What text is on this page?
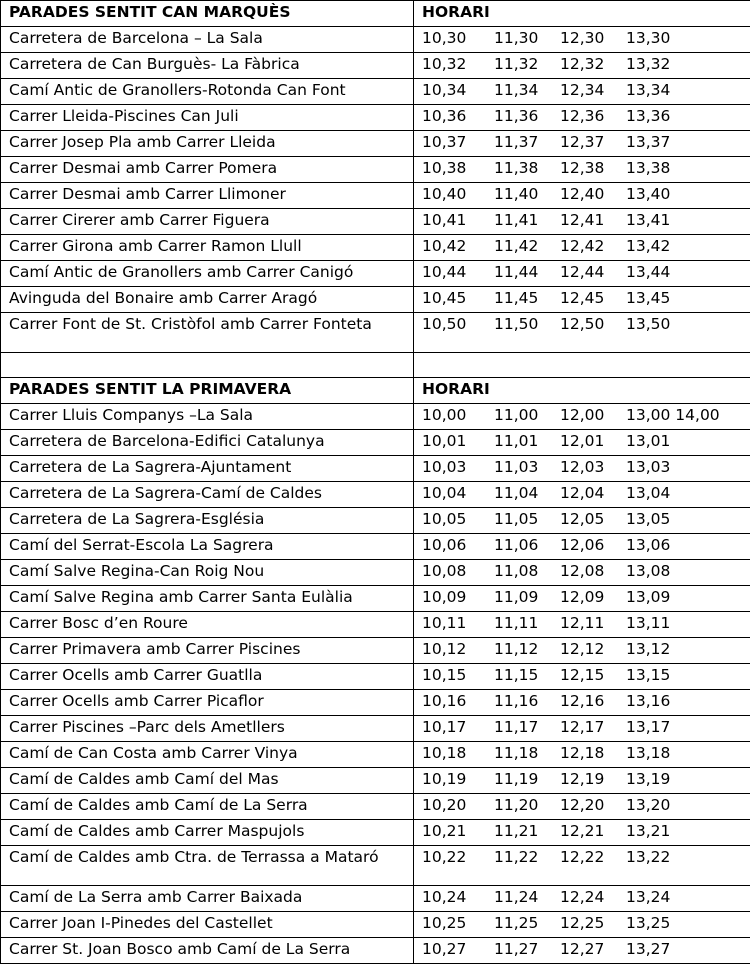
PARADES SENTIT CAN MARQUÈS	HORARI
Carretera de Barcelona – La Sala	10,30 11,30 12,30 13,30
Carretera de Can Burguès- La Fàbrica	10,32 11,32 12,32 13,32
Camí Antic de Granollers-Rotonda Can Font	10,34 11,34 12,34 13,34
Carrer Lleida-Piscines Can Juli	10,36 11,36 12,36 13,36
Carrer Josep Pla amb Carrer Lleida	10,37 11,37 12,37 13,37
Carrer Desmai amb Carrer Pomera	10,38 11,38 12,38 13,38
Carrer Desmai amb Carrer Llimoner	10,40 11,40 12,40 13,40
Carrer Cirerer amb Carrer Figuera	10,41 11,41 12,41 13,41
Carrer Girona amb Carrer Ramon Llull	10,42 11,42 12,42 13,42
Camí Antic de Granollers amb Carrer Canigó	10,44 11,44 12,44 13,44
Avinguda del Bonaire amb Carrer Aragó	10,45 11,45 12,45 13,45
Carrer Font de St. Cristòfol amb Carrer Fonteta	10,50 11,50 12,50 13,50

PARADES SENTIT LA PRIMAVERA	HORARI
Carrer Lluis Companys –La Sala	10,00 11,00 12,00 13,00 14,00
Carretera de Barcelona-Edifici Catalunya	10,01 11,01 12,01 13,01
Carretera de La Sagrera-Ajuntament	10,03 11,03 12,03 13,03
Carretera de La Sagrera-Camí de Caldes	10,04 11,04 12,04 13,04
Carretera de La Sagrera-Església	10,05 11,05 12,05 13,05
Camí del Serrat-Escola La Sagrera	10,06 11,06 12,06 13,06
Camí Salve Regina-Can Roig Nou	10,08 11,08 12,08 13,08
Camí Salve Regina amb Carrer Santa Eulàlia	10,09 11,09 12,09 13,09
Carrer Bosc d’en Roure	10,11 11,11 12,11 13,11
Carrer Primavera amb Carrer Piscines	10,12 11,12 12,12 13,12
Carrer Ocells amb Carrer Guatlla	10,15 11,15 12,15 13,15
Carrer Ocells amb Carrer Picaflor	10,16 11,16 12,16 13,16
Carrer Piscines –Parc dels Ametllers	10,17 11,17 12,17 13,17
Camí de Can Costa amb Carrer Vinya	10,18 11,18 12,18 13,18
Camí de Caldes amb Camí del Mas	10,19 11,19 12,19 13,19
Camí de Caldes amb Camí de La Serra	10,20 11,20 12,20 13,20
Camí de Caldes amb Carrer Maspujols	10,21 11,21 12,21 13,21
Camí de Caldes amb Ctra. de Terrassa a Mataró	10,22 11,22 12,22 13,22
Camí de La Serra amb Carrer Baixada	10,24 11,24 12,24 13,24
Carrer Joan I-Pinedes del Castellet	10,25 11,25 12,25 13,25
Carrer St. Joan Bosco amb Camí de La Serra	10,27 11,27 12,27 13,27
